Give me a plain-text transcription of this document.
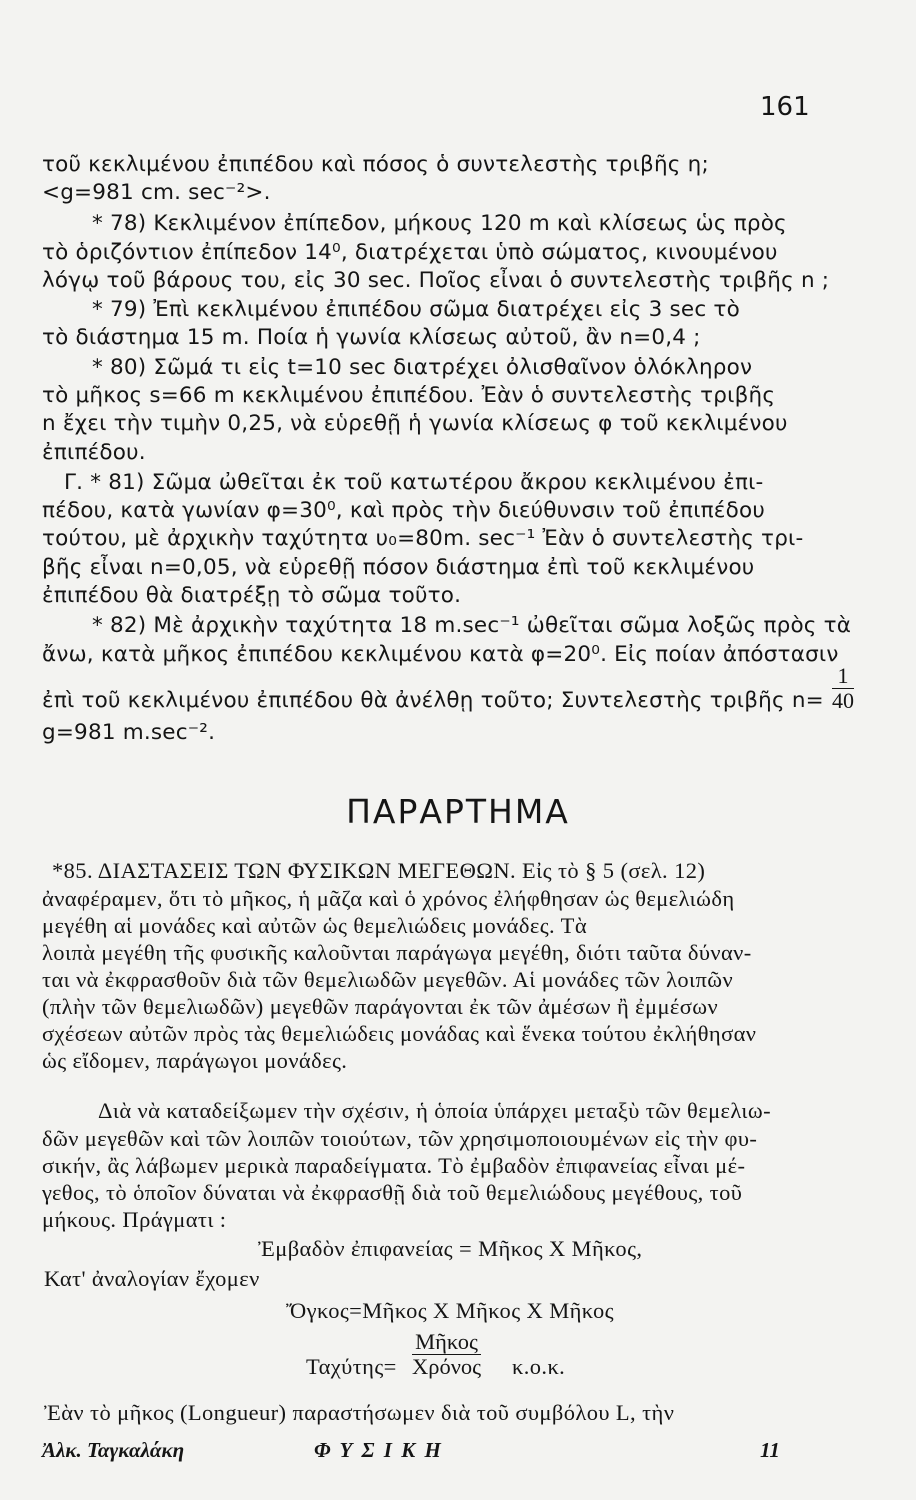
161
τοῦ κεκλιμένου ἐπιπέδου καὶ πόσος ὁ συντελεστὴς τριβῆς η;
<g=981 cm. sec⁻²>.
* 78) Κεκλιμένον ἐπίπεδον, μήκους 120 m καὶ κλίσεως ὡς πρὸς
τὸ ὁριζόντιον ἐπίπεδον 14⁰, διατρέχεται ὑπὸ σώματος, κινουμένου
λόγῳ τοῦ βάρους του, εἰς 30 sec. Ποῖος εἶναι ὁ συντελεστὴς τριβῆς n ;
* 79) Ἐπὶ κεκλιμένου ἐπιπέδου σῶμα διατρέχει εἰς 3 sec τὸ
τὸ διάστημα 15 m. Ποία ἡ γωνία κλίσεως αὐτοῦ, ἂν n=0,4 ;
* 80) Σῶμά τι εἰς t=10 sec διατρέχει ὀλισθαῖνον ὁλόκληρον
τὸ μῆκος s=66 m κεκλιμένου ἐπιπέδου. Ἐὰν ὁ συντελεστὴς τριβῆς
n ἔχει τὴν τιμὴν 0,25, νὰ εὑρεθῇ ἡ γωνία κλίσεως φ τοῦ κεκλιμένου
ἐπιπέδου.
Γ. * 81) Σῶμα ὠθεῖται ἐκ τοῦ κατωτέρου ἄκρου κεκλιμένου ἐπι-
πέδου, κατὰ γωνίαν φ=30⁰, καὶ πρὸς τὴν διεύθυνσιν τοῦ ἐπιπέδου
τούτου, μὲ ἀρχικὴν ταχύτητα υ₀=80m. sec⁻¹ Ἐὰν ὁ συντελεστὴς τρι-
βῆς εἶναι n=0,05, νὰ εὑρεθῇ πόσον διάστημα ἐπὶ τοῦ κεκλιμένου
ἐπιπέδου θὰ διατρέξῃ τὸ σῶμα τοῦτο.
* 82) Μὲ ἀρχικὴν ταχύτητα 18 m.sec⁻¹ ὠθεῖται σῶμα λοξῶς πρὸς τὰ
ἄνω, κατὰ μῆκος ἐπιπέδου κεκλιμένου κατὰ φ=20⁰. Εἰς ποίαν ἀπόστασιν
ἐπὶ τοῦ κεκλιμένου ἐπιπέδου θὰ ἀνέλθῃ τοῦτο; Συντελεστὴς τριβῆς $n= \frac{1}{40}$
g=981 m.sec⁻².
ΠΑΡΑΡΤΗΜΑ
*85. ΔΙΑΣΤΑΣΕΙΣ ΤΩΝ ΦΥΣΙΚΩΝ ΜΕΓΕΘΩΝ. Εἰς τὸ § 5 (σελ. 12)
ἀναφέραμεν, ὅτι τὸ μῆκος, ἡ μᾶζα καὶ ὁ χρόνος ἐλήφθησαν ὡς θεμελιώδη
μεγέθη αἱ μονάδες καὶ αὐτῶν ὡς θεμελιώδεις μονάδες. Τὰ
λοιπὰ μεγέθη τῆς φυσικῆς καλοῦνται παράγωγα μεγέθη, διότι ταῦτα δύναν-
ται νὰ ἐκφρασθοῦν διὰ τῶν θεμελιωδῶν μεγεθῶν. Αἱ μονάδες τῶν λοιπῶν
(πλὴν τῶν θεμελιωδῶν) μεγεθῶν παράγονται ἐκ τῶν ἀμέσων ἢ ἐμμέσων
σχέσεων αὐτῶν πρὸς τὰς θεμελιώδεις μονάδας καὶ ἕνεκα τούτου ἐκλήθησαν
ὡς εἴδομεν, παράγωγοι μονάδες.
Διὰ νὰ καταδείξωμεν τὴν σχέσιν, ἡ ὁποία ὑπάρχει μεταξὺ τῶν θεμελιω-
δῶν μεγεθῶν καὶ τῶν λοιπῶν τοιούτων, τῶν χρησιμοποιουμένων εἰς τὴν φυ-
σικήν, ἂς λάβωμεν μερικὰ παραδείγματα. Τὸ ἐμβαδὸν ἐπιφανείας εἶναι μέ-
γεθος, τὸ ὁποῖον δύναται νὰ ἐκφρασθῇ διὰ τοῦ θεμελιώδους μεγέθους, τοῦ
μήκους. Πράγματι :
Ἐμβαδὸν ἐπιφανείας = Μῆκος X Μῆκος,
Κατ' ἀναλογίαν ἔχομεν
Ὄγκος=Μῆκος X Μῆκος X Μῆκος
Ταχύτης=
Μῆκος
Χρόνος κ.ο.κ.
Ἐὰν τὸ μῆκος (Longueur) παραστήσωμεν διὰ τοῦ συμβόλου L, τὴν
Ἀλκ. Ταγκαλάκη	Φ Υ Σ Ι Κ Η	11
